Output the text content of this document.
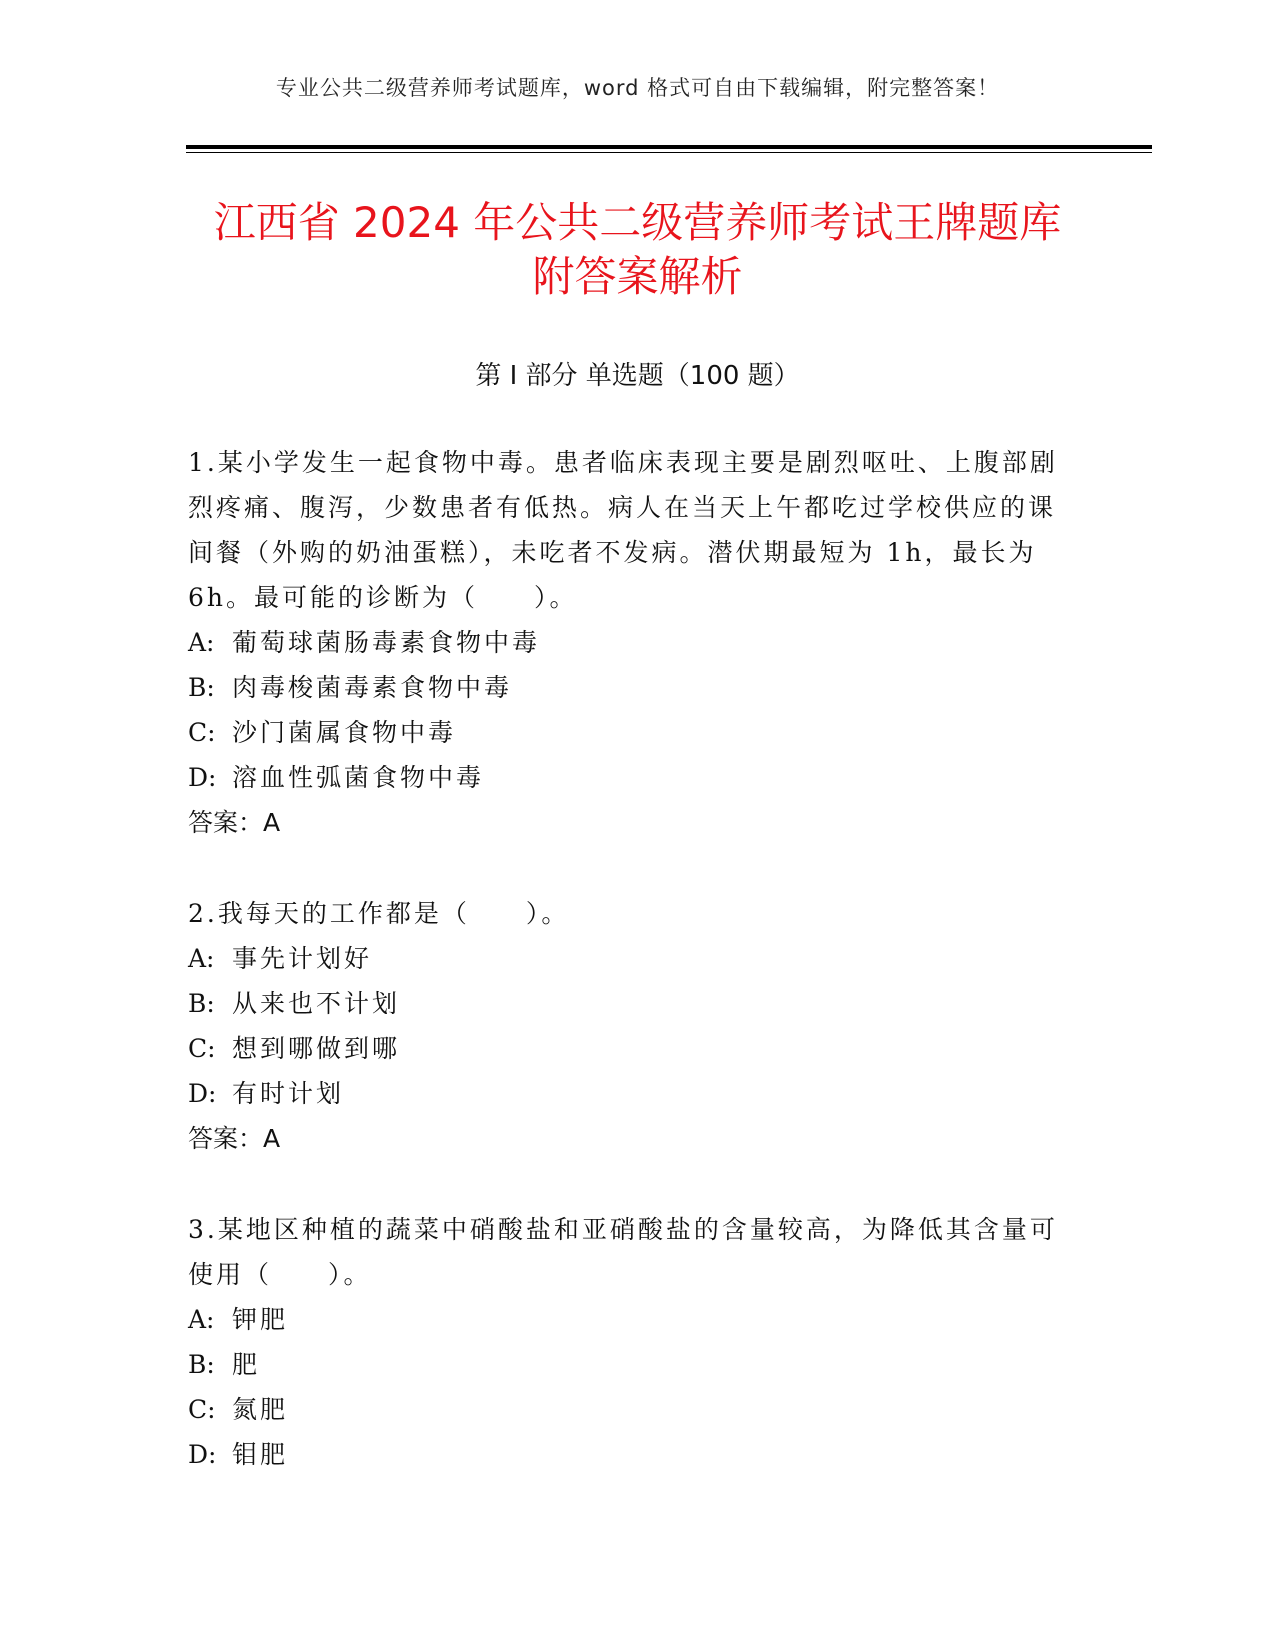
专业公共二级营养师考试题库，word 格式可自由下载编辑，附完整答案！
江西省 2024 年公共二级营养师考试王牌题库
附答案解析
第 I 部分 单选题（100 题）

1.某小学发生一起食物中毒。患者临床表现主要是剧烈呕吐、上腹部剧烈疼痛、腹泻，少数患者有低热。病人在当天上午都吃过学校供应的课间餐（外购的奶油蛋糕），未吃者不发病。潜伏期最短为 1h，最长为 6h。最可能的诊断为（　　）。

A: 葡萄球菌肠毒素食物中毒

B: 肉毒梭菌毒素食物中毒

C: 沙门菌属食物中毒

D: 溶血性弧菌食物中毒

答案：A

2.我每天的工作都是（　　）。

A: 事先计划好

B: 从来也不计划

C: 想到哪做到哪

D: 有时计划

答案：A

3.某地区种植的蔬菜中硝酸盐和亚硝酸盐的含量较高，为降低其含量可使用（　　）。

A: 钾肥

B: 肥

C: 氮肥

D: 钼肥
